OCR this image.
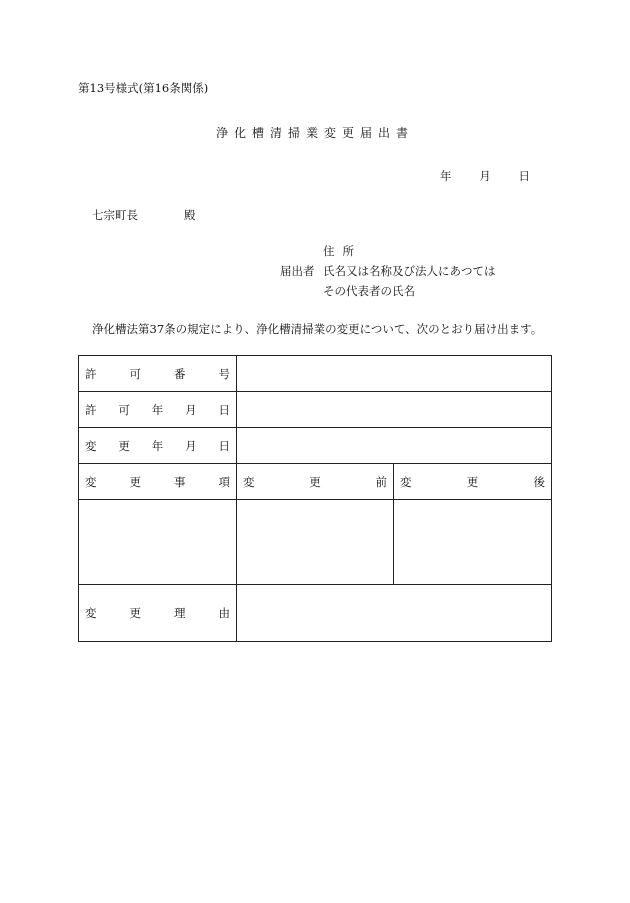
第13号様式(第16条関係)
浄化槽清掃業変更届出書
年 月 日
七宗町長	殿
住所
届出者 氏名又は名称及び法人にあつては
その代表者の氏名
浄化槽法第37条の規定により、浄化槽清掃業の変更について、次のとおり届け出ます。
許 可 番 号		

許 可 年 月 日		

変 更 年 月 日		

変 更 事 項	変 更 前	変 更 後

変 更 理 由		
